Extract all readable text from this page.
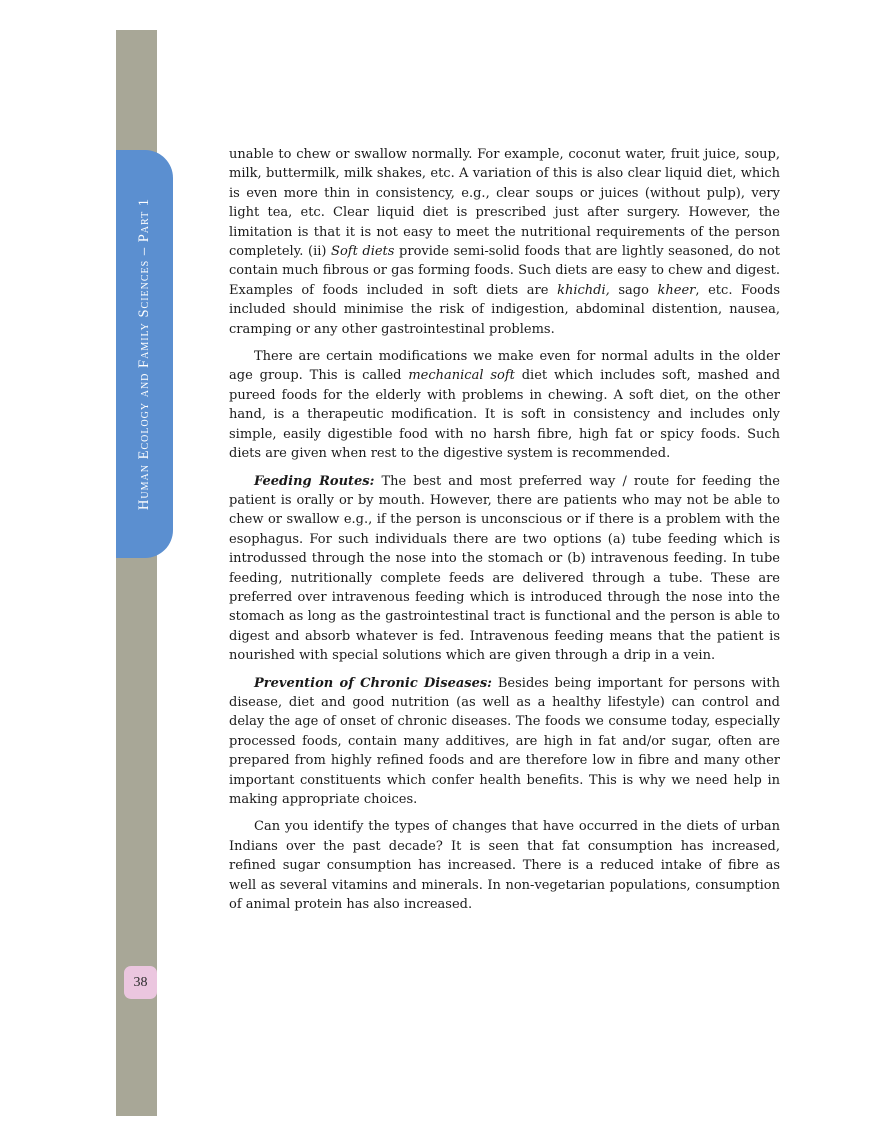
Human Ecology and Family Sciences – Part 1
38

unable to chew or swallow normally. For example, coconut water, fruit juice, soup, milk, buttermilk, milk shakes, etc. A variation of this is also clear liquid diet, which is even more thin in consistency, e.g., clear soups or juices (without pulp), very light tea, etc. Clear liquid diet is prescribed just after surgery. However, the limitation is that it is not easy to meet the nutritional requirements of the person completely. (ii) Soft diets provide semi-solid foods that are lightly seasoned, do not contain much fibrous or gas forming foods. Such diets are easy to chew and digest. Examples of foods included in soft diets are khichdi, sago kheer, etc. Foods included should minimise the risk of indigestion, abdominal distention, nausea, cramping or any other gastrointestinal problems.

There are certain modifications we make even for normal adults in the older age group. This is called mechanical soft diet which includes soft, mashed and pureed foods for the elderly with problems in chewing. A soft diet, on the other hand, is a therapeutic modification. It is soft in consistency and includes only simple, easily digestible food with no harsh fibre, high fat or spicy foods. Such diets are given when rest to the digestive system is recommended.

Feeding Routes: The best and most preferred way / route for feeding the patient is orally or by mouth. However, there are patients who may not be able to chew or swallow e.g., if the person is unconscious or if there is a problem with the esophagus. For such individuals there are two options (a) tube feeding which is introdussed through the nose into the stomach or (b) intravenous feeding. In tube feeding, nutritionally complete feeds are delivered through a tube. These are preferred over intravenous feeding which is introduced through the nose into the stomach as long as the gastrointestinal tract is functional and the person is able to digest and absorb whatever is fed. Intravenous feeding means that the patient is nourished with special solutions which are given through a drip in a vein.

Prevention of Chronic Diseases: Besides being important for persons with disease, diet and good nutrition (as well as a healthy lifestyle) can control and delay the age of onset of chronic diseases. The foods we consume today, especially processed foods, contain many additives, are high in fat and/or sugar, often are prepared from highly refined foods and are therefore low in fibre and many other important constituents which confer health benefits. This is why we need help in making appropriate choices.

Can you identify the types of changes that have occurred in the diets of urban Indians over the past decade? It is seen that fat consumption has increased, refined sugar consumption has increased. There is a reduced intake of fibre as well as several vitamins and minerals. In non-vegetarian populations, consumption of animal protein has also increased.
